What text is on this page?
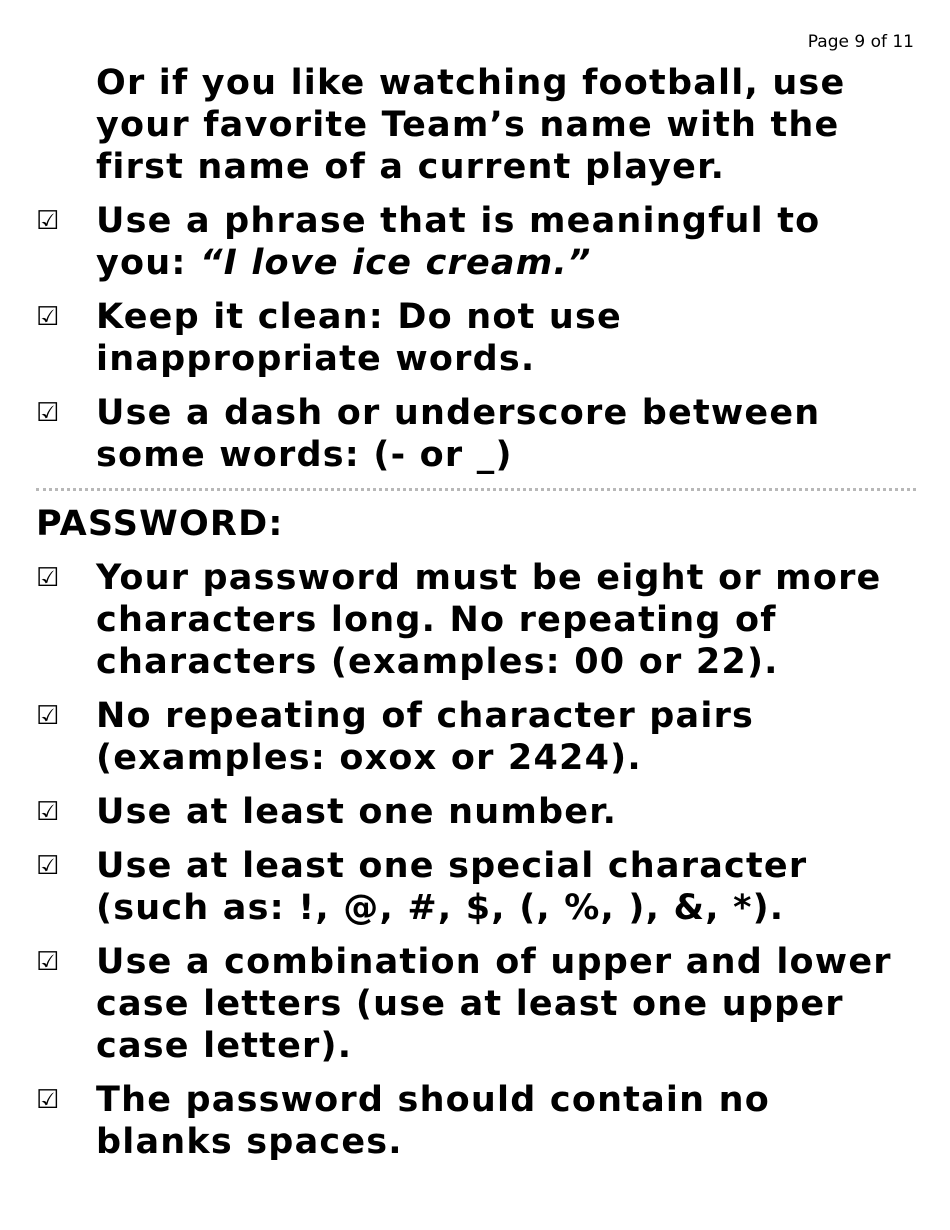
Page 9 of 11
Or if you like watching football, use your favorite Team’s name with the first name of a current player.
☑	Use a phrase that is meaningful to you: “I love ice cream.”
☑	Keep it clean: Do not use inappropriate words.
☑	Use a dash or underscore between some words: (- or _)
PASSWORD:
☑	Your password must be eight or more characters long. No repeating of characters (examples: 00 or 22).
☑	No repeating of character pairs (examples: oxox or 2424).
☑	Use at least one number.
☑	Use at least one special character (such as: !, @, #, $, (, %, ), &, *).
☑	Use a combination of upper and lower case letters (use at least one upper case letter).
☑	The password should contain no blanks spaces.
